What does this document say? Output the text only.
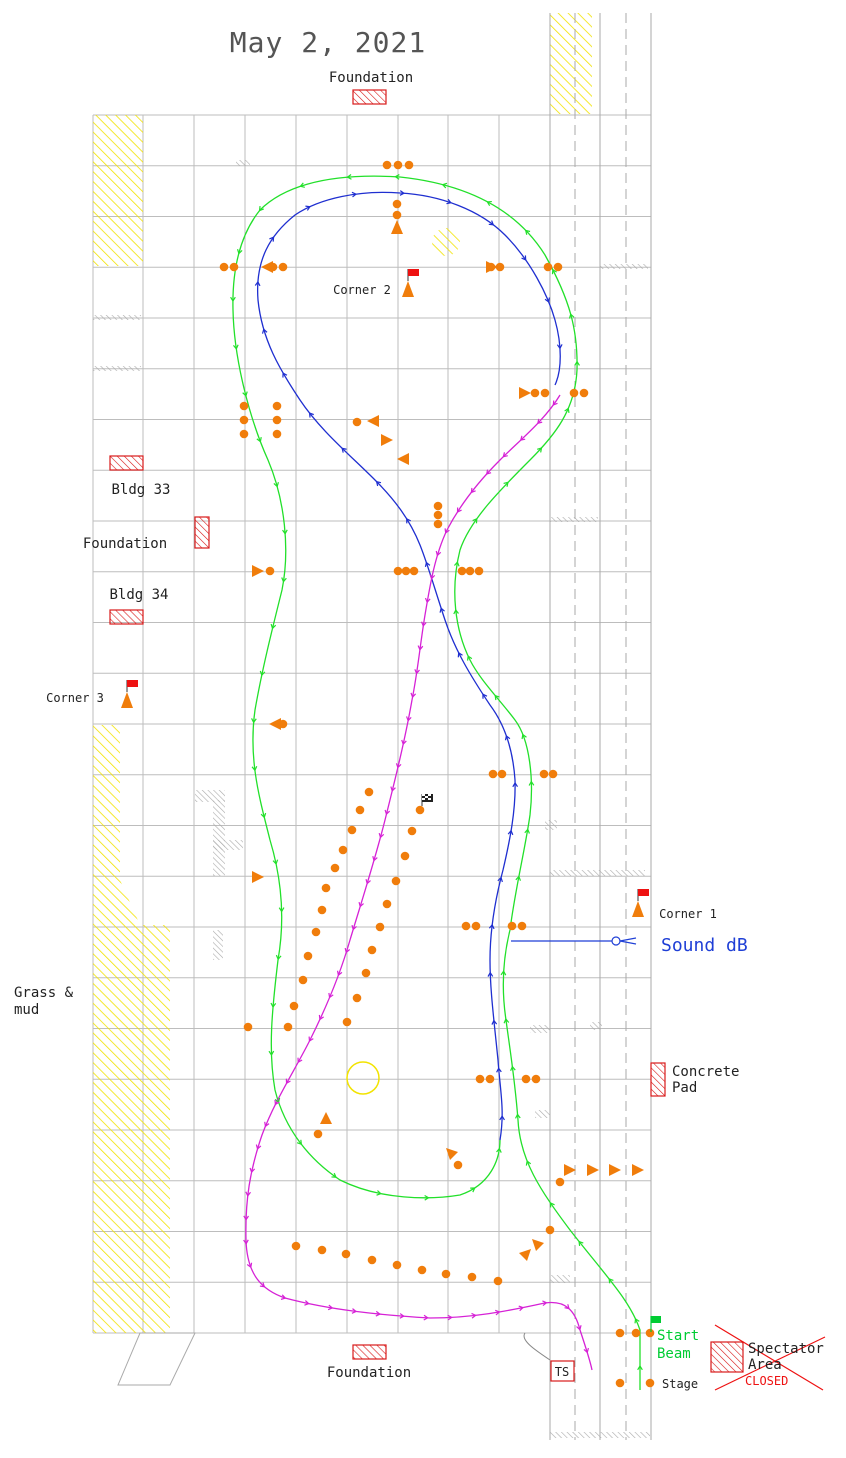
May 2, 2021
Foundation
Bldg 33
Foundation
Bldg 34
Corner 3
Corner 2
Corner 1
Grass &
mud
Concrete
Pad
Sound dB
Start
Beam
Stage
Spectator
Area
CLOSED
Foundation	TS
